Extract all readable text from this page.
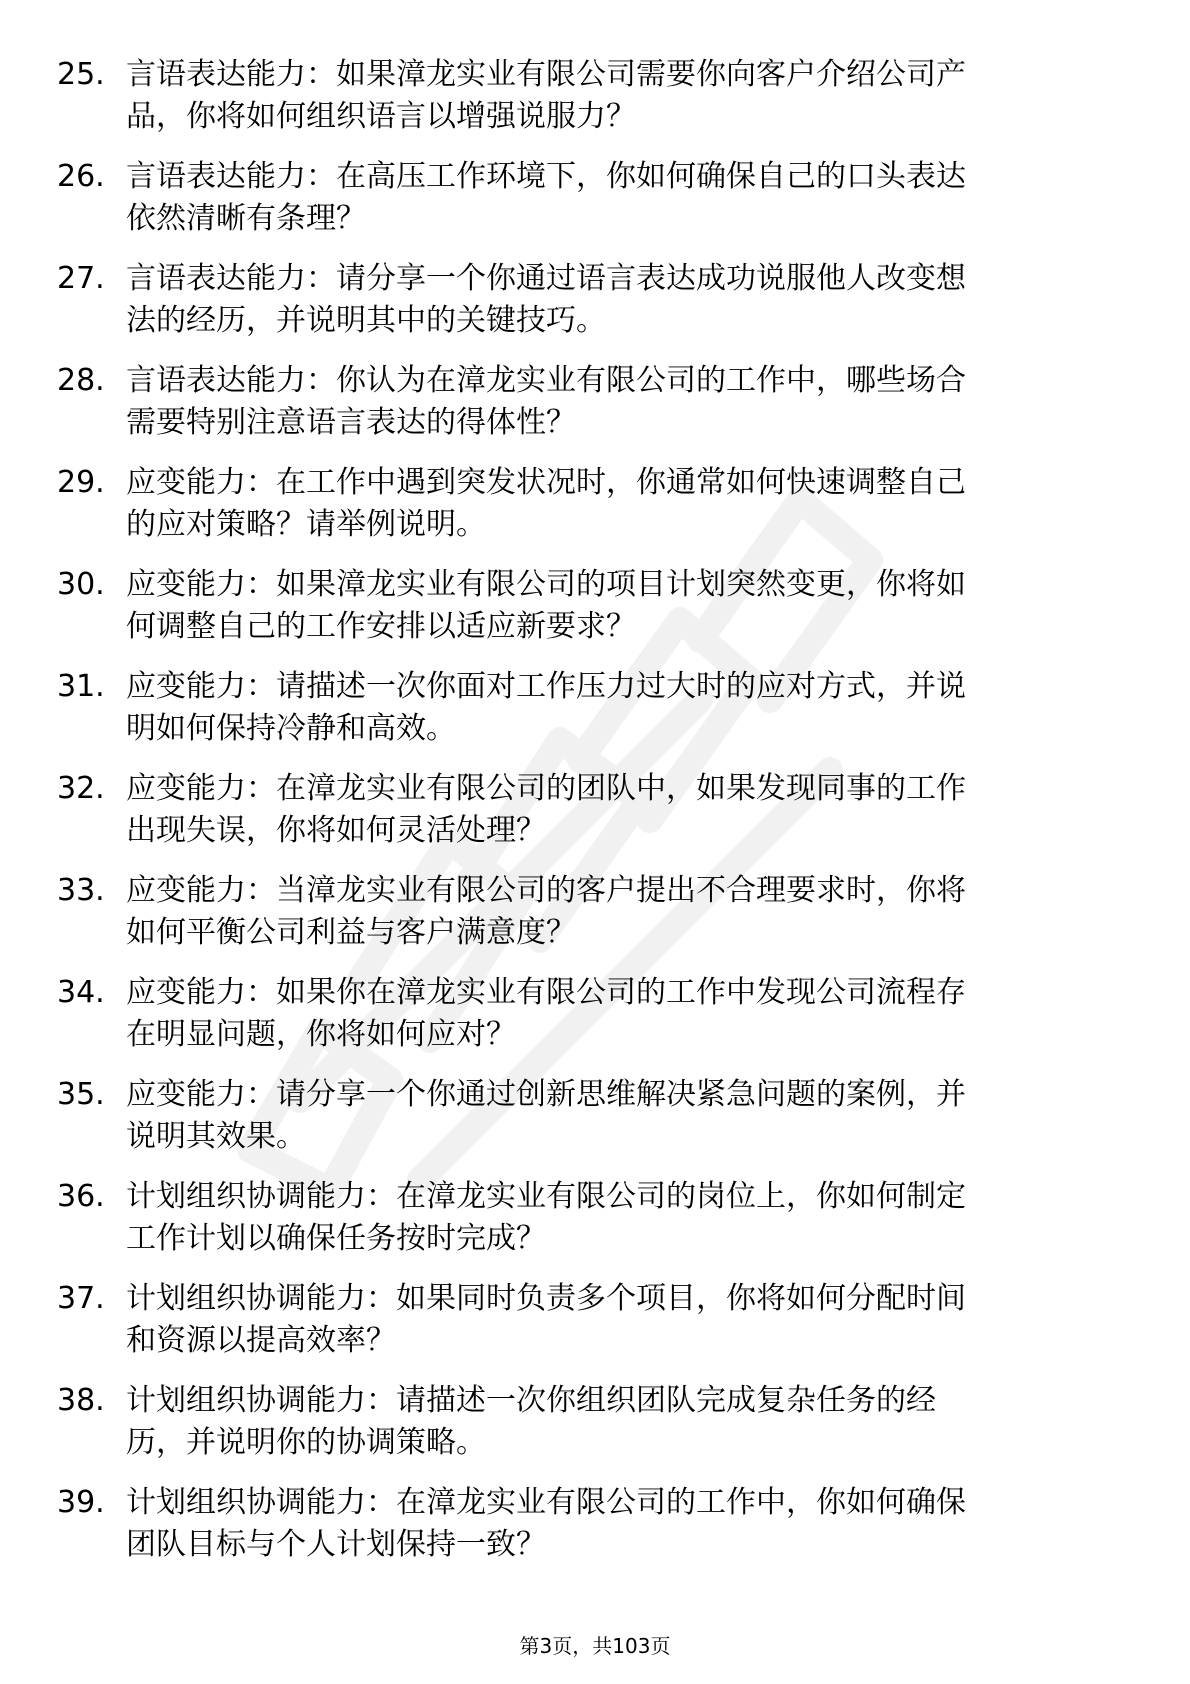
25. 言语表达能力：如果漳龙实业有限公司需要你向客户介绍公司产
品，你将如何组织语言以增强说服力？
26. 言语表达能力：在高压工作环境下，你如何确保自己的口头表达
依然清晰有条理？
27. 言语表达能力：请分享一个你通过语言表达成功说服他人改变想
法的经历，并说明其中的关键技巧。
28. 言语表达能力：你认为在漳龙实业有限公司的工作中，哪些场合
需要特别注意语言表达的得体性？
29. 应变能力：在工作中遇到突发状况时，你通常如何快速调整自己
的应对策略？请举例说明。
30. 应变能力：如果漳龙实业有限公司的项目计划突然变更，你将如
何调整自己的工作安排以适应新要求？
31. 应变能力：请描述一次你面对工作压力过大时的应对方式，并说
明如何保持冷静和高效。
32. 应变能力：在漳龙实业有限公司的团队中，如果发现同事的工作
出现失误，你将如何灵活处理？
33. 应变能力：当漳龙实业有限公司的客户提出不合理要求时，你将
如何平衡公司利益与客户满意度？
34. 应变能力：如果你在漳龙实业有限公司的工作中发现公司流程存
在明显问题，你将如何应对？
35. 应变能力：请分享一个你通过创新思维解决紧急问题的案例，并
说明其效果。
36. 计划组织协调能力：在漳龙实业有限公司的岗位上，你如何制定
工作计划以确保任务按时完成？
37. 计划组织协调能力：如果同时负责多个项目，你将如何分配时间
和资源以提高效率？
38. 计划组织协调能力：请描述一次你组织团队完成复杂任务的经
历，并说明你的协调策略。
39. 计划组织协调能力：在漳龙实业有限公司的工作中，你如何确保
团队目标与个人计划保持一致？
第3页，共103页
